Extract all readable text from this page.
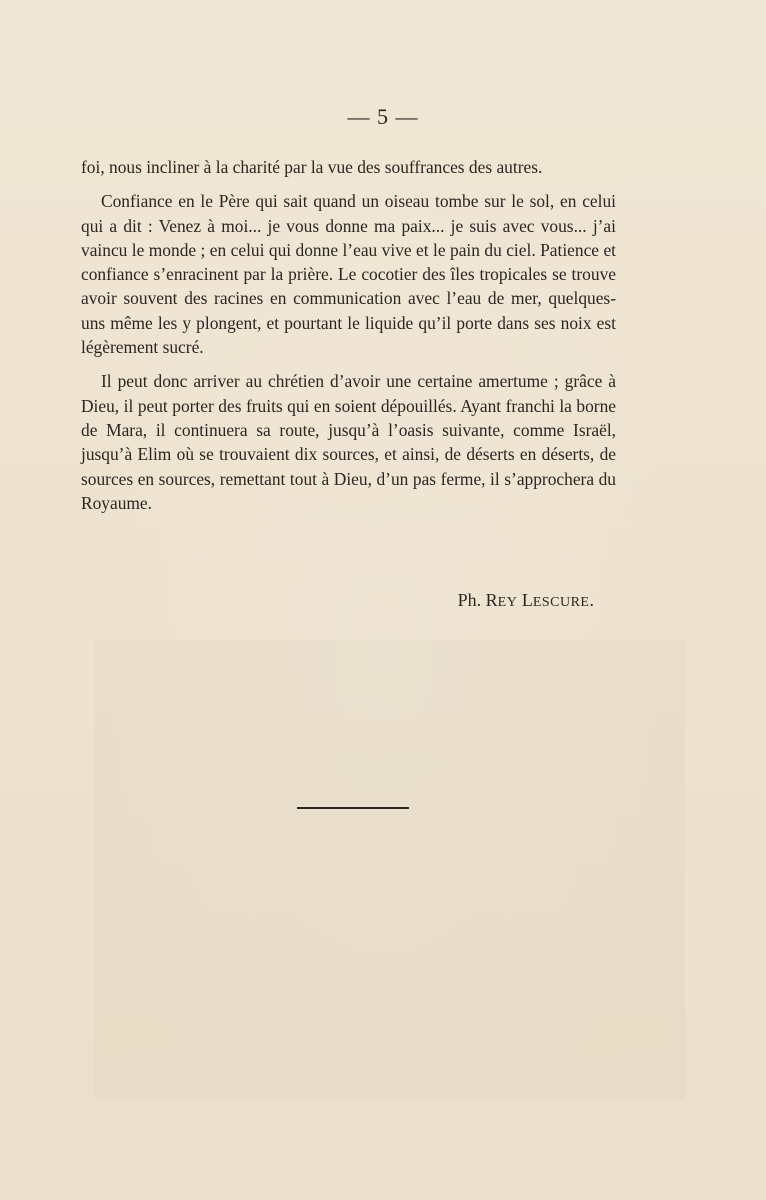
— 5 —

foi, nous incliner à la charité par la vue des souffrances des autres.

Confiance en le Père qui sait quand un oiseau tombe sur le sol, en celui qui a dit : Venez à moi... je vous donne ma paix... je suis avec vous... j’ai vaincu le monde ; en celui qui donne l’eau vive et le pain du ciel. Patience et confiance s’enracinent par la prière. Le cocotier des îles tropicales se trouve avoir souvent des racines en communication avec l’eau de mer, quelques-uns même les y plongent, et pourtant le liquide qu’il porte dans ses noix est légèrement sucré.

Il peut donc arriver au chrétien d’avoir une certaine amertume ; grâce à Dieu, il peut porter des fruits qui en soient dépouillés. Ayant franchi la borne de Mara, il continuera sa route, jusqu’à l’oasis suivante, comme Israël, jusqu’à Elim où se trouvaient dix sources, et ainsi, de déserts en déserts, de sources en sources, remettant tout à Dieu, d’un pas ferme, il s’approchera du Royaume.

Ph. REY LESCURE.
